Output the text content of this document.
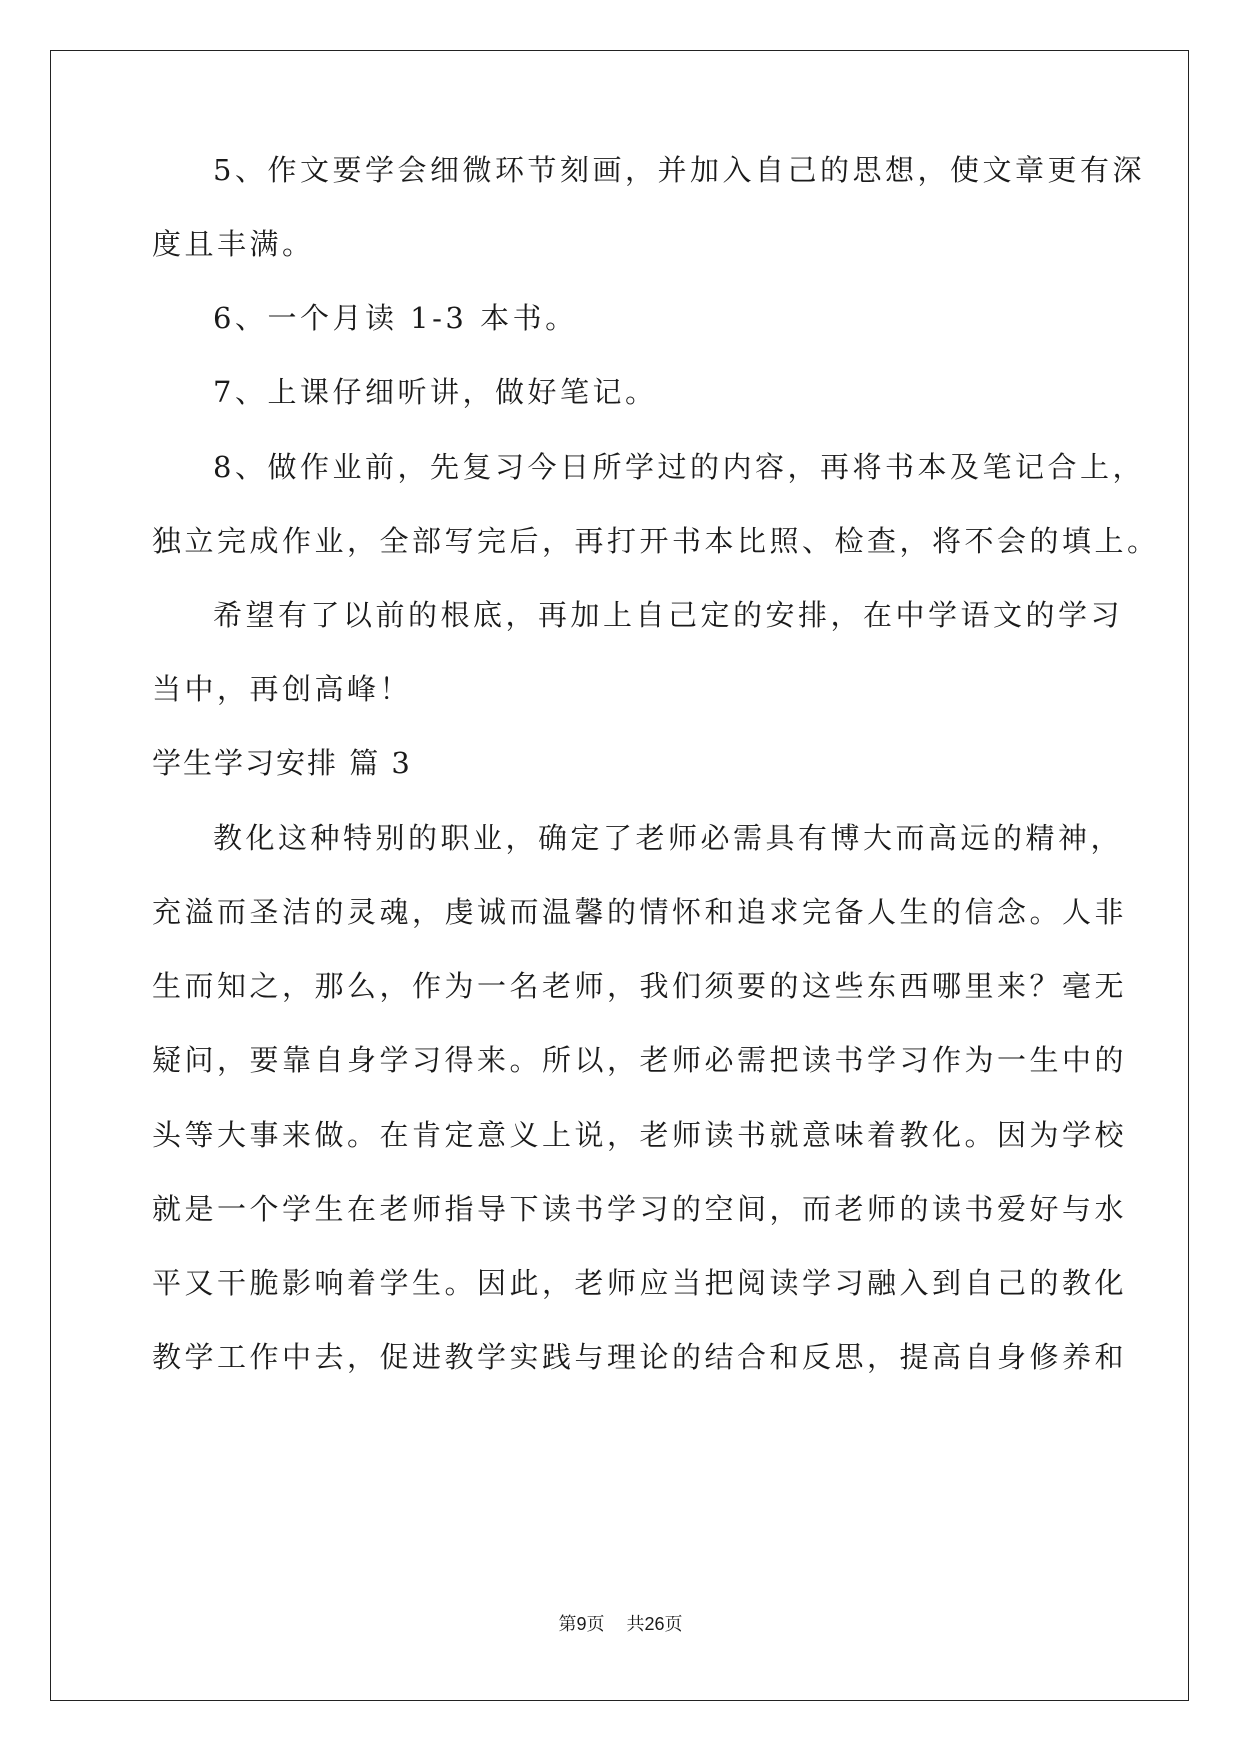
5、作文要学会细微环节刻画，并加入自己的思想，使文章更有深
度且丰满。
6、一个月读 1-3 本书。
7、上课仔细听讲，做好笔记。
8、做作业前，先复习今日所学过的内容，再将书本及笔记合上，
独立完成作业，全部写完后，再打开书本比照、检查，将不会的填上。
希望有了以前的根底，再加上自己定的安排，在中学语文的学习
当中，再创高峰！
学生学习安排 篇 3
教化这种特别的职业，确定了老师必需具有博大而高远的精神，
充溢而圣洁的灵魂，虔诚而温馨的情怀和追求完备人生的信念。人非
生而知之，那么，作为一名老师，我们须要的这些东西哪里来？毫无
疑问，要靠自身学习得来。所以，老师必需把读书学习作为一生中的
头等大事来做。在肯定意义上说，老师读书就意味着教化。因为学校
就是一个学生在老师指导下读书学习的空间，而老师的读书爱好与水
平又干脆影响着学生。因此，老师应当把阅读学习融入到自己的教化
教学工作中去，促进教学实践与理论的结合和反思，提高自身修养和
第9页 共26页
